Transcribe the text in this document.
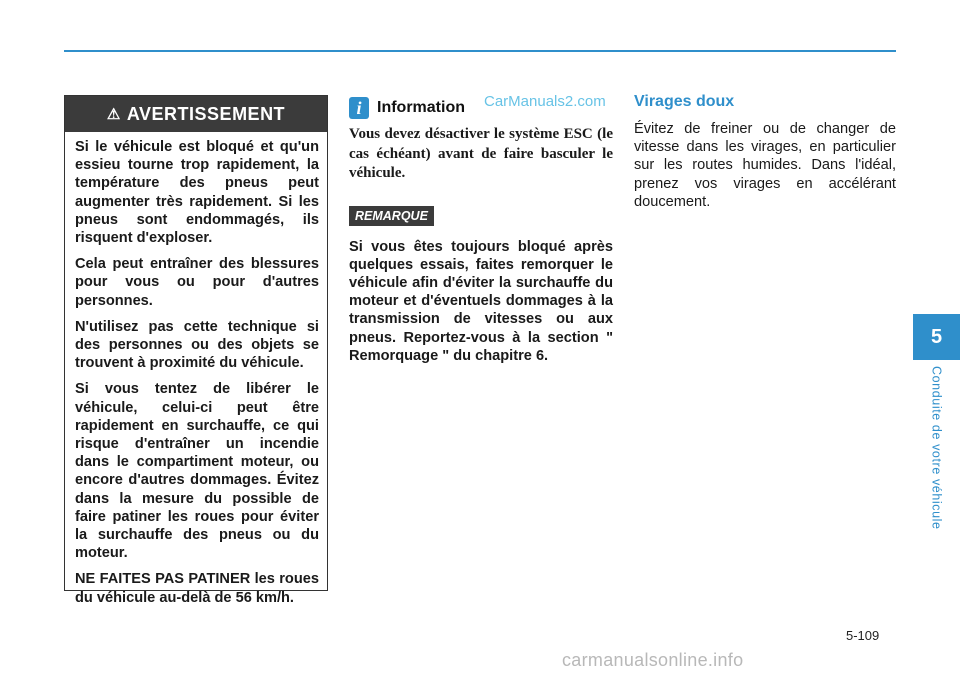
⚠ AVERTISSEMENT

Si le véhicule est bloqué et qu'un essieu tourne trop rapidement, la température des pneus peut augmenter très rapidement. Si les pneus sont endommagés, ils risquent d'exploser.

Cela peut entraîner des blessures pour vous ou pour d'autres personnes.

N'utilisez pas cette technique si des personnes ou des objets se trouvent à proximité du véhicule.

Si vous tentez de libérer le véhicule, celui-ci peut être rapidement en surchauffe, ce qui risque d'entraîner un incendie dans le compartiment moteur, ou encore d'autres dommages. Évitez dans la mesure du possible de faire patiner les roues pour éviter la surchauffe des pneus ou du moteur.

NE FAITES PAS PATINER les roues du véhicule au-delà de 56 km/h.

i Information CarManuals2.com

Vous devez désactiver le système ESC (le cas échéant) avant de faire basculer le véhicule.

REMARQUE

Si vous êtes toujours bloqué après quelques essais, faites remorquer le véhicule afin d'éviter la surchauffe du moteur et d'éventuels dommages à la transmission de vitesses ou aux pneus. Reportez-vous à la section " Remorquage " du chapitre 6.

Virages doux

Évitez de freiner ou de changer de vitesse dans les virages, en particulier sur les routes humides. Dans l'idéal, prenez vos virages en accélérant doucement.

5
Conduite de votre véhicule
5-109
carmanualsonline.info
